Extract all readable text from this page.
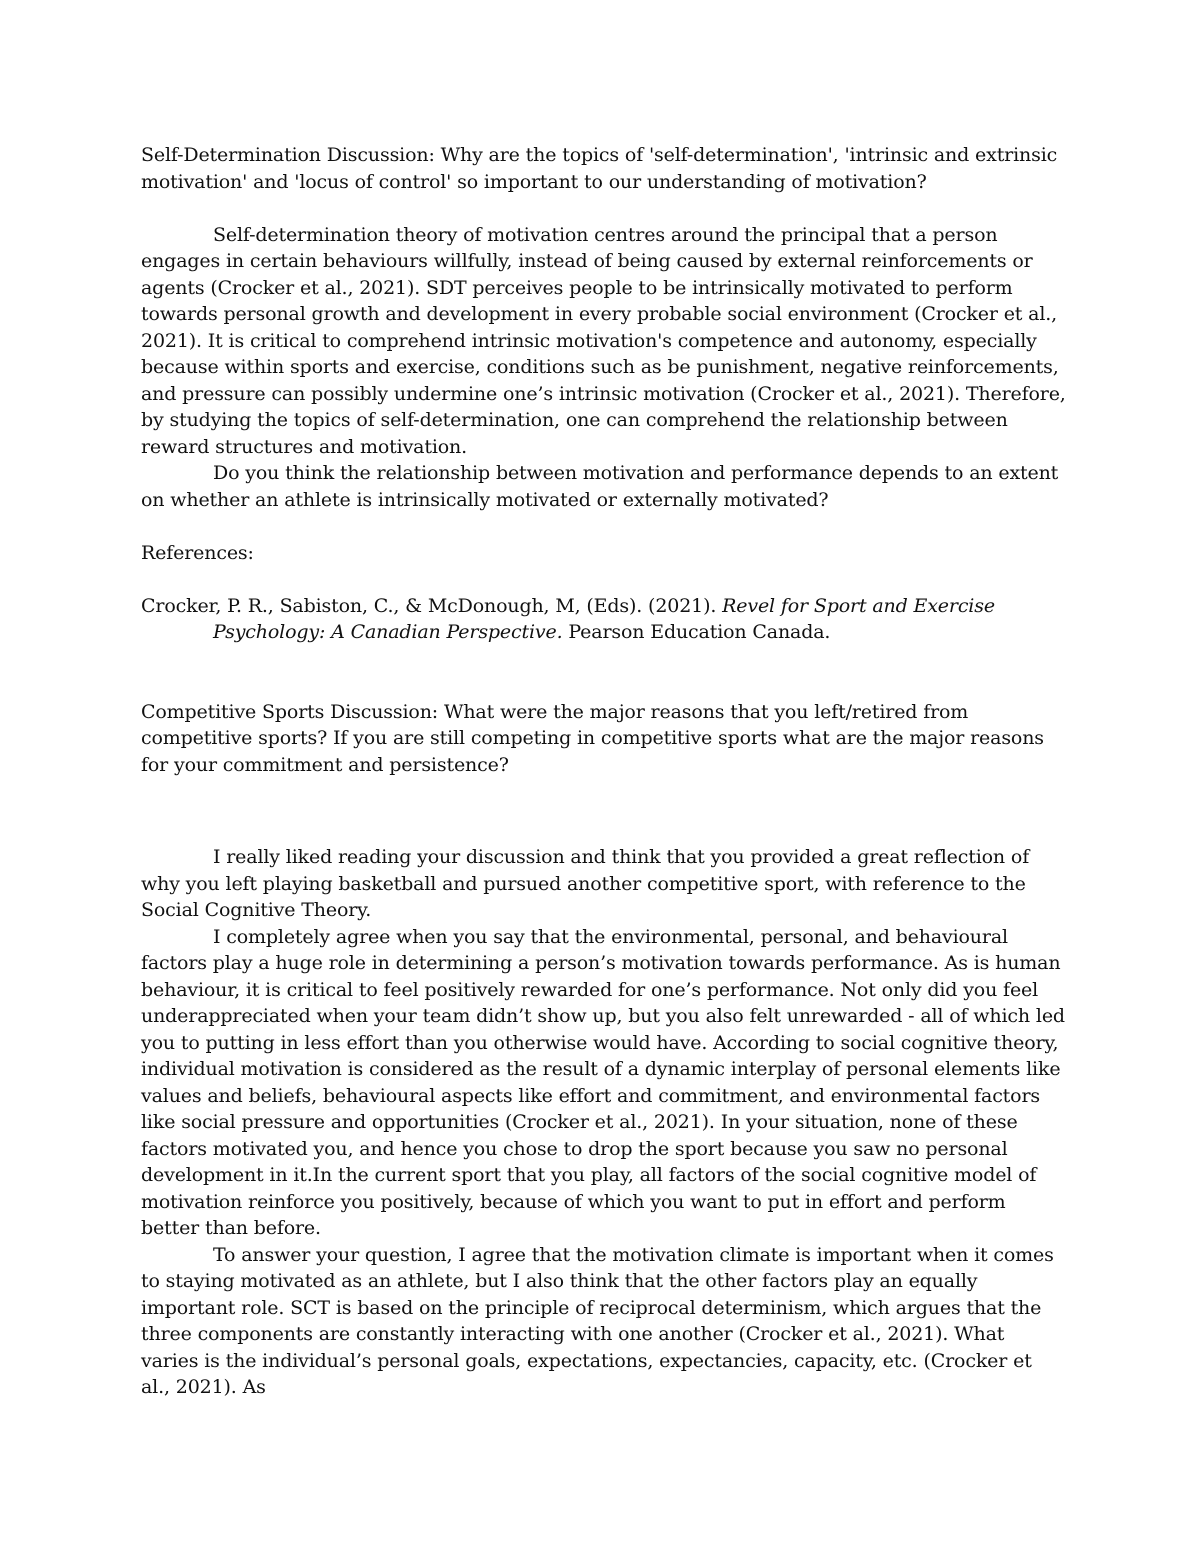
Self-Determination Discussion: Why are the topics of 'self-determination', 'intrinsic and extrinsic motivation' and 'locus of control' so important to our understanding of motivation?

Self-determination theory of motivation centres around the principal that a person engages in certain behaviours willfully, instead of being caused by external reinforcements or agents (Crocker et al., 2021). SDT perceives people to be intrinsically motivated to perform towards personal growth and development in every probable social environment (Crocker et al., 2021). It is critical to comprehend intrinsic motivation's competence and autonomy, especially because within sports and exercise, conditions such as be punishment, negative reinforcements, and pressure can possibly undermine one’s intrinsic motivation (Crocker et al., 2021). Therefore, by studying the topics of self-determination, one can comprehend the relationship between reward structures and motivation.

Do you think the relationship between motivation and performance depends to an extent on whether an athlete is intrinsically motivated or externally motivated?

References:

Crocker, P. R., Sabiston, C., & McDonough, M, (Eds). (2021). Revel for Sport and Exercise Psychology: A Canadian Perspective. Pearson Education Canada.

Competitive Sports Discussion: What were the major reasons that you left/retired from competitive sports? If you are still competing in competitive sports what are the major reasons for your commitment and persistence?

I really liked reading your discussion and think that you provided a great reflection of why you left playing basketball and pursued another competitive sport, with reference to the Social Cognitive Theory.

I completely agree when you say that the environmental, personal, and behavioural factors play a huge role in determining a person’s motivation towards performance. As is human behaviour, it is critical to feel positively rewarded for one’s performance. Not only did you feel underappreciated when your team didn’t show up, but you also felt unrewarded - all of which led you to putting in less effort than you otherwise would have. According to social cognitive theory, individual motivation is considered as the result of a dynamic interplay of personal elements like values and beliefs, behavioural aspects like effort and commitment, and environmental factors like social pressure and opportunities (Crocker et al., 2021). In your situation, none of these factors motivated you, and hence you chose to drop the sport because you saw no personal development in it.In the current sport that you play, all factors of the social cognitive model of motivation reinforce you positively, because of which you want to put in effort and perform better than before.

To answer your question, I agree that the motivation climate is important when it comes to staying motivated as an athlete, but I also think that the other factors play an equally important role. SCT is based on the principle of reciprocal determinism, which argues that the three components are constantly interacting with one another (Crocker et al., 2021). What varies is the individual’s personal goals, expectations, expectancies, capacity, etc. (Crocker et al., 2021). As
